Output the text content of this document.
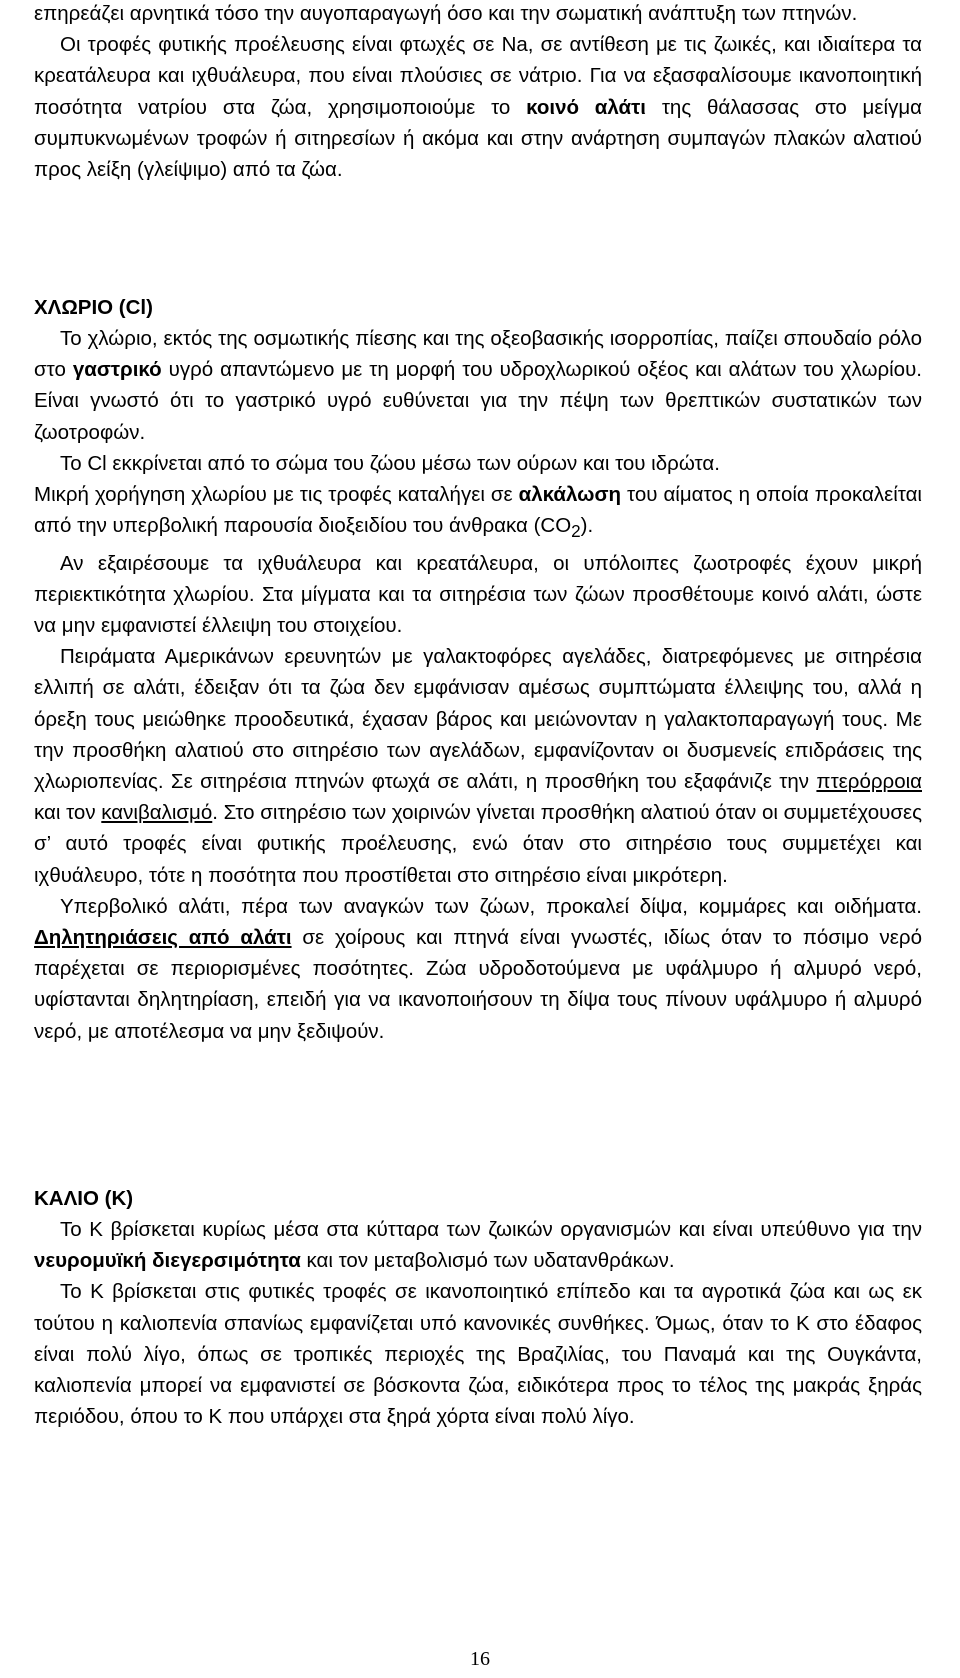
επηρεάζει αρνητικά τόσο την αυγοπαραγωγή όσο και την σωματική ανάπτυξη των πτηνών.

Οι τροφές φυτικής προέλευσης είναι φτωχές σε Na, σε αντίθεση με τις ζωικές, και ιδιαίτερα τα κρεατάλευρα και ιχθυάλευρα, που είναι πλούσιες σε νάτριο. Για να εξασφαλίσουμε ικανοποιητική ποσότητα νατρίου στα ζώα, χρησιμοποιούμε το κοινό αλάτι της θάλασσας στο μείγμα συμπυκνωμένων τροφών ή σιτηρεσίων ή ακόμα και στην ανάρτηση συμπαγών πλακών αλατιού προς λείξη (γλείψιμο) από τα ζώα.

ΧΛΩΡΙΟ (Cl)

Το χλώριο, εκτός της οσμωτικής πίεσης και της οξεοβασικής ισορροπίας, παίζει σπουδαίο ρόλο στο γαστρικό υγρό απαντώμενο με τη μορφή του υδροχλωρικού οξέος και αλάτων του χλωρίου. Είναι γνωστό ότι το γαστρικό υγρό ευθύνεται για την πέψη των θρεπτικών συστατικών των ζωοτροφών.

Το Cl εκκρίνεται από το σώμα του ζώου μέσω των ούρων και του ιδρώτα.

Μικρή χορήγηση χλωρίου με τις τροφές καταλήγει σε αλκάλωση του αίματος η οποία προκαλείται από την υπερβολική παρουσία διοξειδίου του άνθρακα $(CO_2)$.

Αν εξαιρέσουμε τα ιχθυάλευρα και κρεατάλευρα, οι υπόλοιπες ζωοτροφές έχουν μικρή περιεκτικότητα χλωρίου. Στα μίγματα και τα σιτηρέσια των ζώων προσθέτουμε κοινό αλάτι, ώστε να μην εμφανιστεί έλλειψη του στοιχείου.

Πειράματα Αμερικάνων ερευνητών με γαλακτοφόρες αγελάδες, διατρεφόμενες με σιτηρέσια ελλιπή σε αλάτι, έδειξαν ότι τα ζώα δεν εμφάνισαν αμέσως συμπτώματα έλλειψης του, αλλά η όρεξη τους μειώθηκε προοδευτικά, έχασαν βάρος και μειώνονταν η γαλακτοπαραγωγή τους. Με την προσθήκη αλατιού στο σιτηρέσιο των αγελάδων, εμφανίζονταν οι δυσμενείς επιδράσεις της χλωριοπενίας. Σε σιτηρέσια πτηνών φτωχά σε αλάτι, η προσθήκη του εξαφάνιζε την πτερόρροια και τον κανιβαλισμό. Στο σιτηρέσιο των χοιρινών γίνεται προσθήκη αλατιού όταν οι συμμετέχουσες σ’ αυτό τροφές είναι φυτικής προέλευσης, ενώ όταν στο σιτηρέσιο τους συμμετέχει και ιχθυάλευρο, τότε η ποσότητα που προστίθεται στο σιτηρέσιο είναι μικρότερη.

Υπερβολικό αλάτι, πέρα των αναγκών των ζώων, προκαλεί δίψα, κομμάρες και οιδήματα. Δηλητηριάσεις από αλάτι σε χοίρους και πτηνά είναι γνωστές, ιδίως όταν το πόσιμο νερό παρέχεται σε περιορισμένες ποσότητες. Ζώα υδροδοτούμενα με υφάλμυρο ή αλμυρό νερό, υφίστανται δηλητηρίαση, επειδή για να ικανοποιήσουν τη δίψα τους πίνουν υφάλμυρο ή αλμυρό νερό, με αποτέλεσμα να μην ξεδιψούν.

ΚΑΛΙΟ (K)

Το K βρίσκεται κυρίως μέσα στα κύτταρα των ζωικών οργανισμών και είναι υπεύθυνο για την νευρομυϊκή διεγερσιμότητα και τον μεταβολισμό των υδατανθράκων.

Το K βρίσκεται στις φυτικές τροφές σε ικανοποιητικό επίπεδο και τα αγροτικά ζώα και ως εκ τούτου η καλιοπενία σπανίως εμφανίζεται υπό κανονικές συνθήκες. Όμως, όταν το K στο έδαφος είναι πολύ λίγο, όπως σε τροπικές περιοχές της Βραζιλίας, του Παναμά και της Ουγκάντα, καλιοπενία μπορεί να εμφανιστεί σε βόσκοντα ζώα, ειδικότερα προς το τέλος της μακράς ξηράς περιόδου, όπου το K που υπάρχει στα ξηρά χόρτα είναι πολύ λίγο.

16
